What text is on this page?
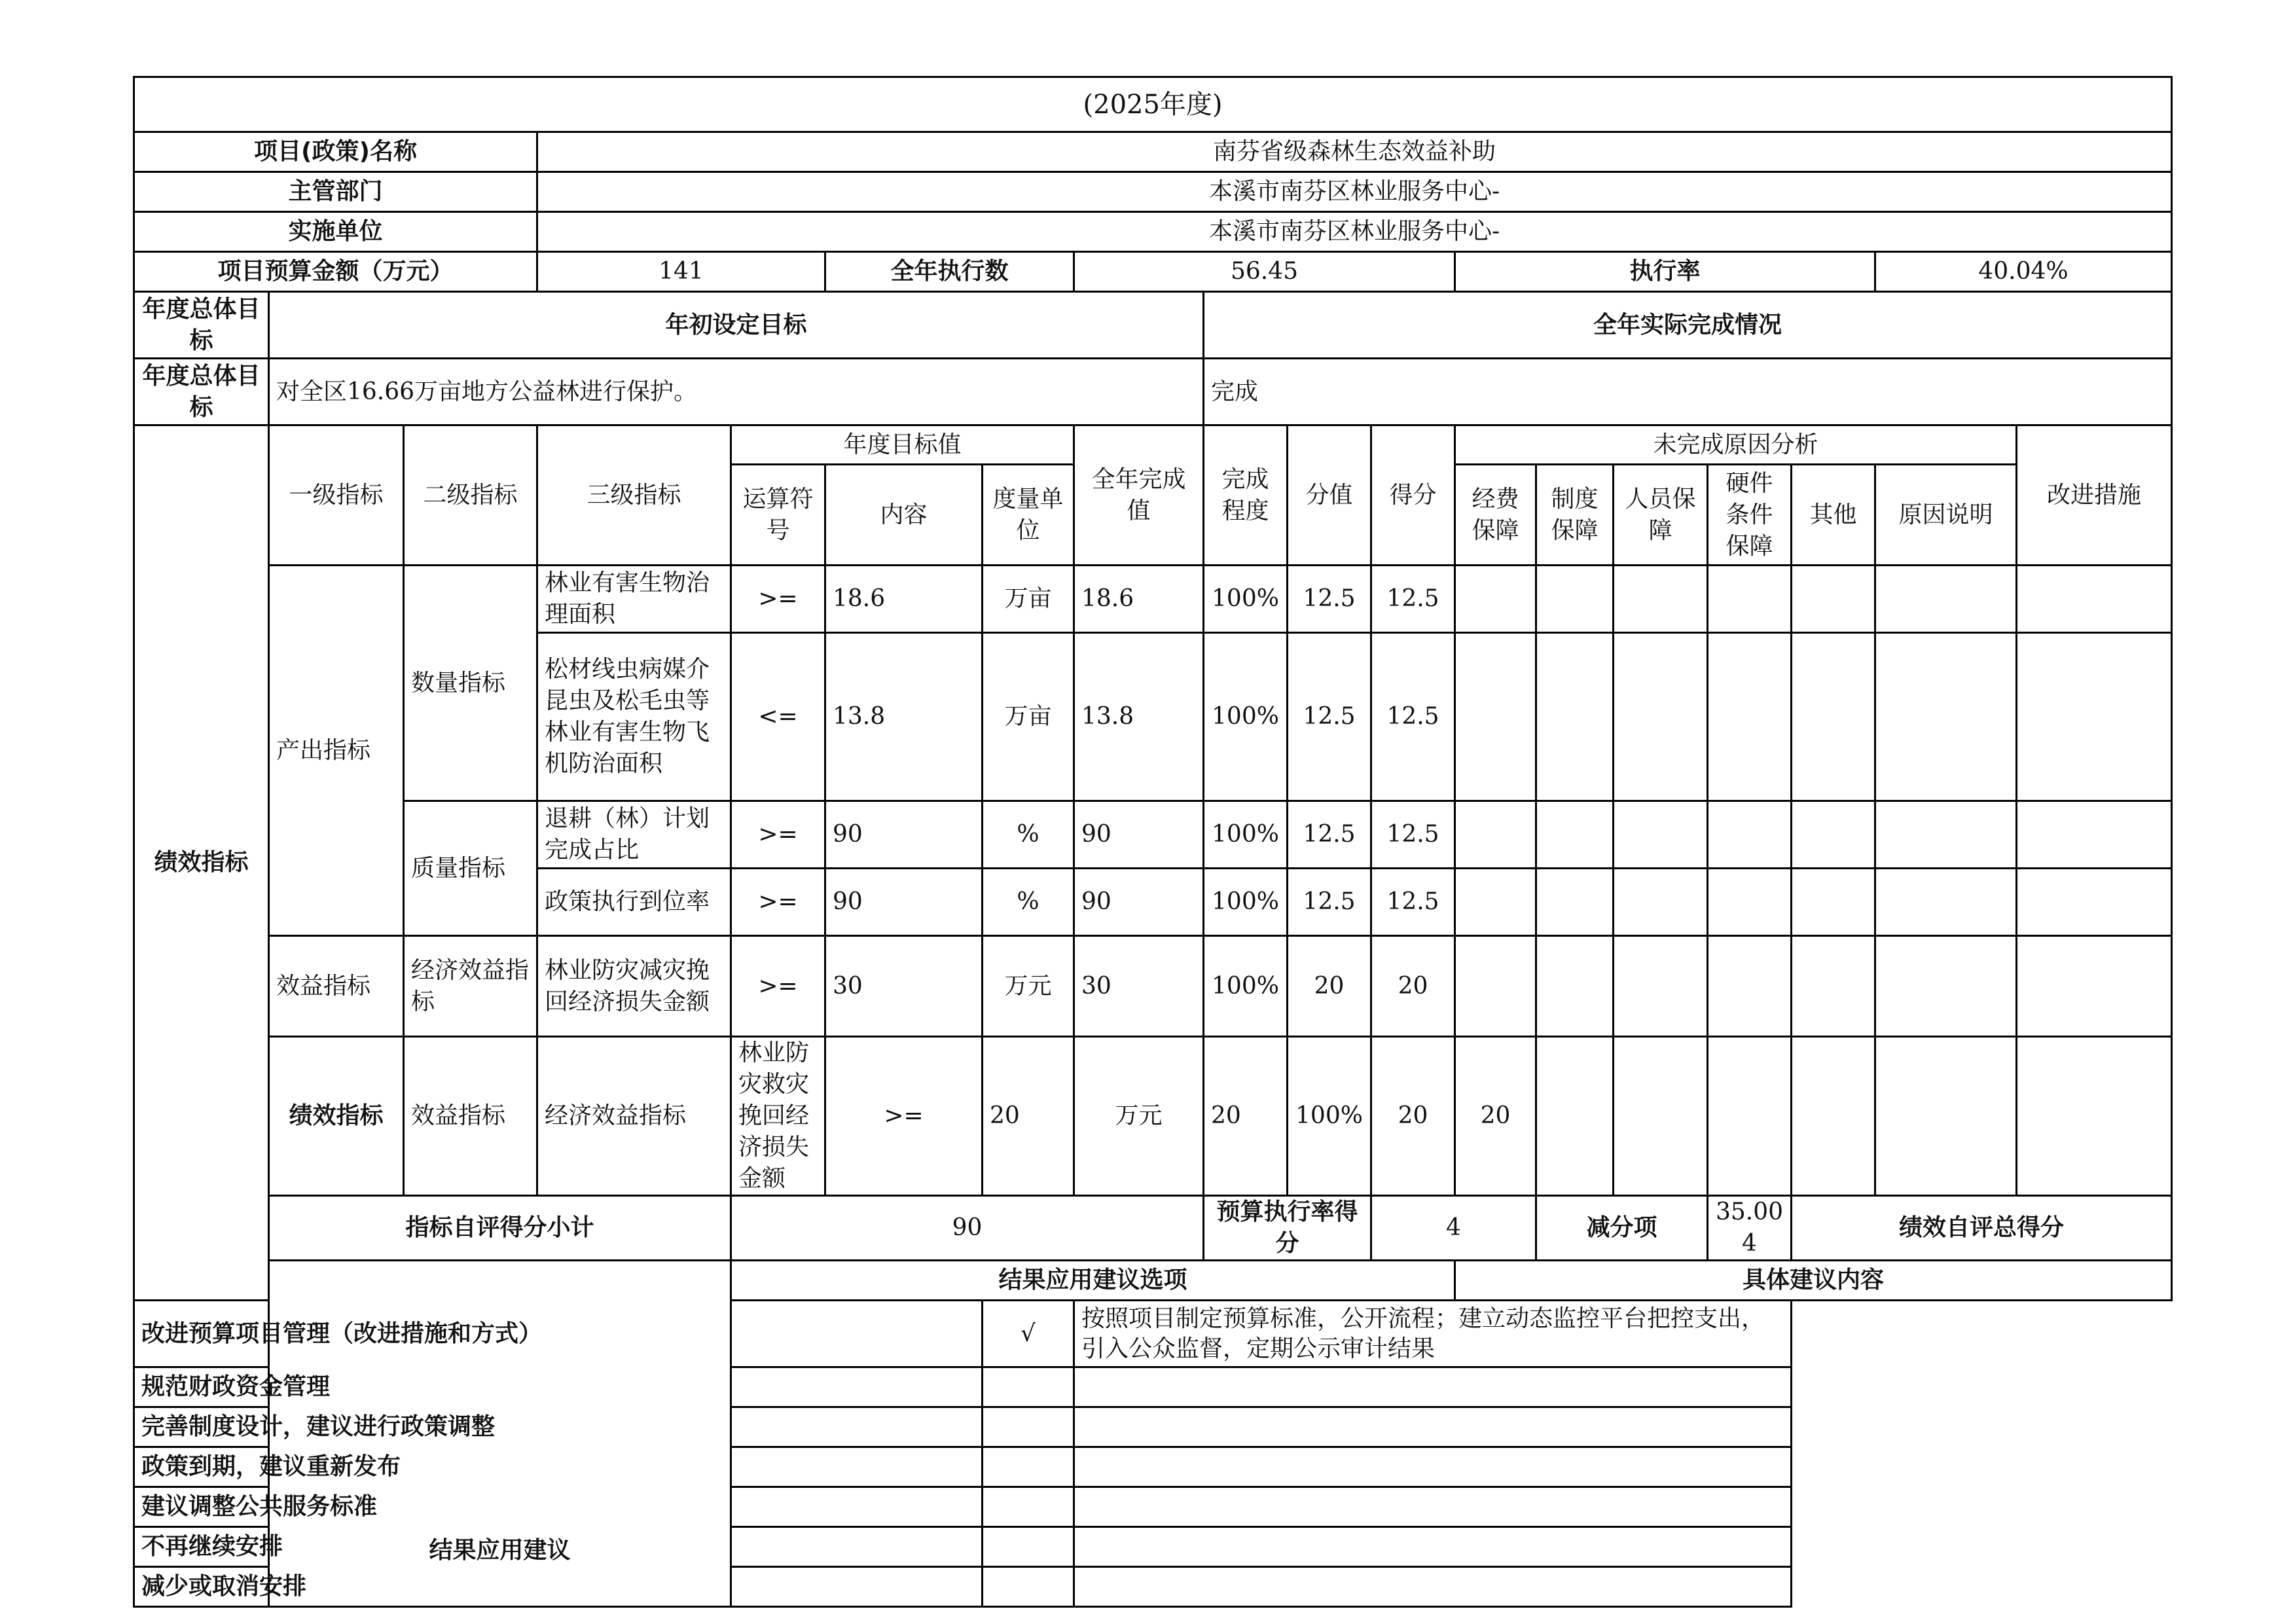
(2025年度)																		
项目(政策)名称			南芬省级森林生态效益补助															
主管部门			本溪市南芬区林业服务中心-															
实施单位			本溪市南芬区林业服务中心-															
项目预算金额（万元）			141		全年执行数		56.45				执行率					40.04%		
年度总体目标	年初设定目标							全年实际完成情况										
年度总体目标	对全区16.66万亩地方公益林进行保护。							完成										
绩效指标	一级指标	二级指标	三级指标	年度目标值			全年完成值	完成程度	分值	得分	未完成原因分析						改进措施	
				运算符号	内容	度量单位					经费保障	制度保障	人员保障	硬件条件保障	其他	原因说明		
	产出指标	数量指标	林业有害生物治理面积	>=	18.6	万亩	18.6	100%	12.5	12.5								
			松材线虫病媒介昆虫及松毛虫等林业有害生物飞机防治面积	<=	13.8	万亩	13.8	100%	12.5	12.5								
		质量指标	退耕（林）计划完成占比	>=	90	%	90	100%	12.5	12.5								
			政策执行到位率	>=	90	%	90	100%	12.5	12.5								
	效益指标	经济效益指标	林业防灾减灾挽回经济损失金额	>=	30	万元	30	100%	20	20								
	绩效指标	效益指标	经济效益指标	林业防灾救灾挽回经济损失金额	>=	20	万元	20	100%	20	20							
	指标自评得分小计			90				预算执行率得分		4		减分项		35.004	绩效自评总得分	
	结果应用建议			结果应用建议选项							具体建议内容							
改进预算项目管理（改进措施和方式）						√	按照项目制定预算标准，公开流程；建立动态监控平台把控支出，引入公众监督，定期公示审计结果											
规范财政资金管理																		
完善制度设计，建议进行政策调整																		
政策到期，建议重新发布																		
建议调整公共服务标准																		
不再继续安排																		
减少或取消安排																		
